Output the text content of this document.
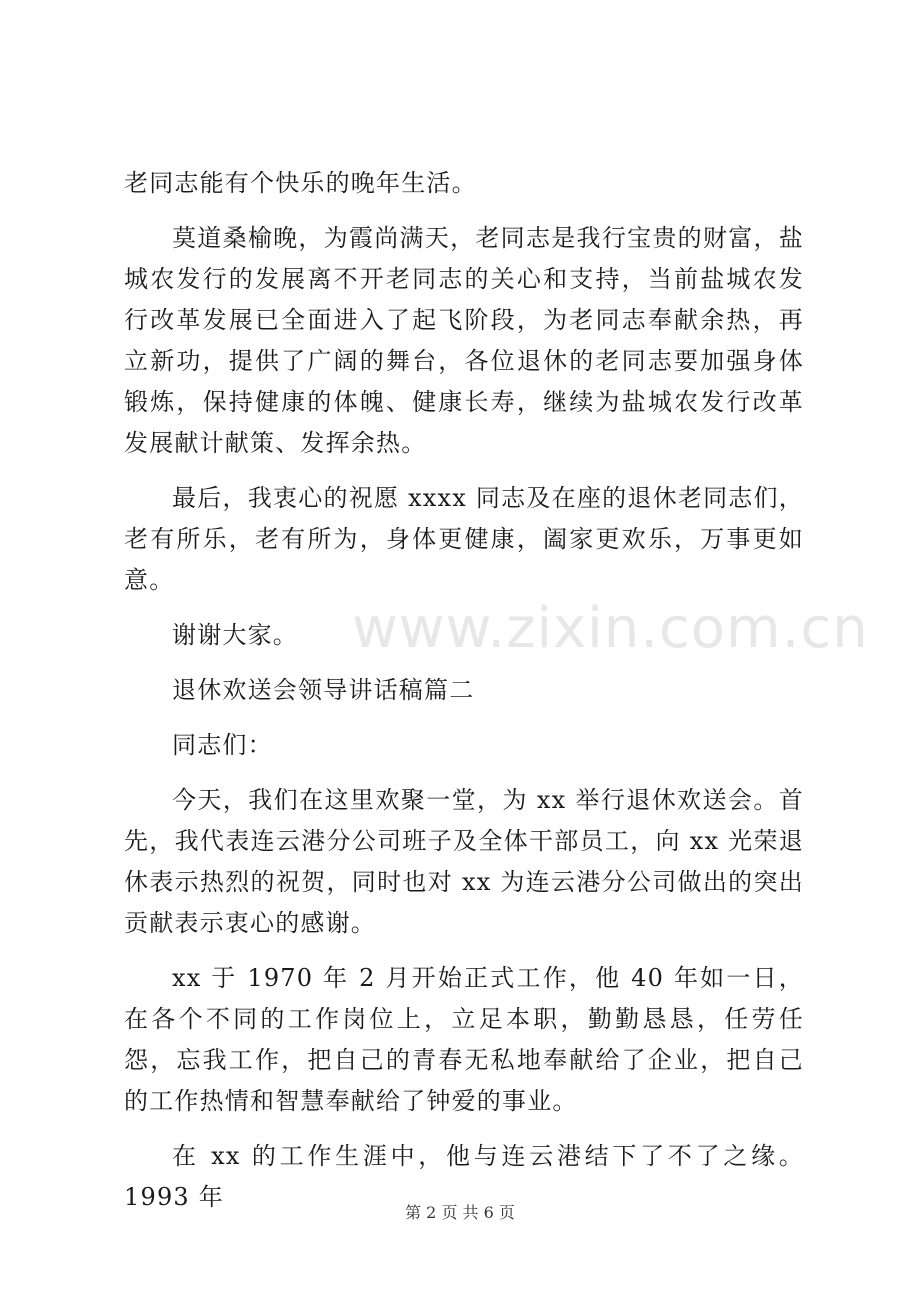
老同志能有个快乐的晚年生活。

莫道桑榆晚，为霞尚满天，老同志是我行宝贵的财富，盐城农发行的发展离不开老同志的关心和支持，当前盐城农发行改革发展已全面进入了起飞阶段，为老同志奉献余热，再立新功，提供了广阔的舞台，各位退休的老同志要加强身体锻炼，保持健康的体魄、健康长寿，继续为盐城农发行改革发展献计献策、发挥余热。

最后，我衷心的祝愿 xxxx 同志及在座的退休老同志们，老有所乐，老有所为，身体更健康，阖家更欢乐，万事更如意。

谢谢大家。

退休欢送会领导讲话稿篇二

同志们：

今天，我们在这里欢聚一堂，为 xx 举行退休欢送会。首先，我代表连云港分公司班子及全体干部员工，向 xx 光荣退休表示热烈的祝贺，同时也对 xx 为连云港分公司做出的突出贡献表示衷心的感谢。

xx 于 1970 年 2 月开始正式工作，他 40 年如一日，在各个不同的工作岗位上，立足本职，勤勤恳恳，任劳任怨，忘我工作，把自己的青春无私地奉献给了企业，把自己的工作热情和智慧奉献给了钟爱的事业。

在 xx 的工作生涯中，他与连云港结下了不了之缘。1993 年

www.zixin.com.cn
第 2 页 共 6 页
